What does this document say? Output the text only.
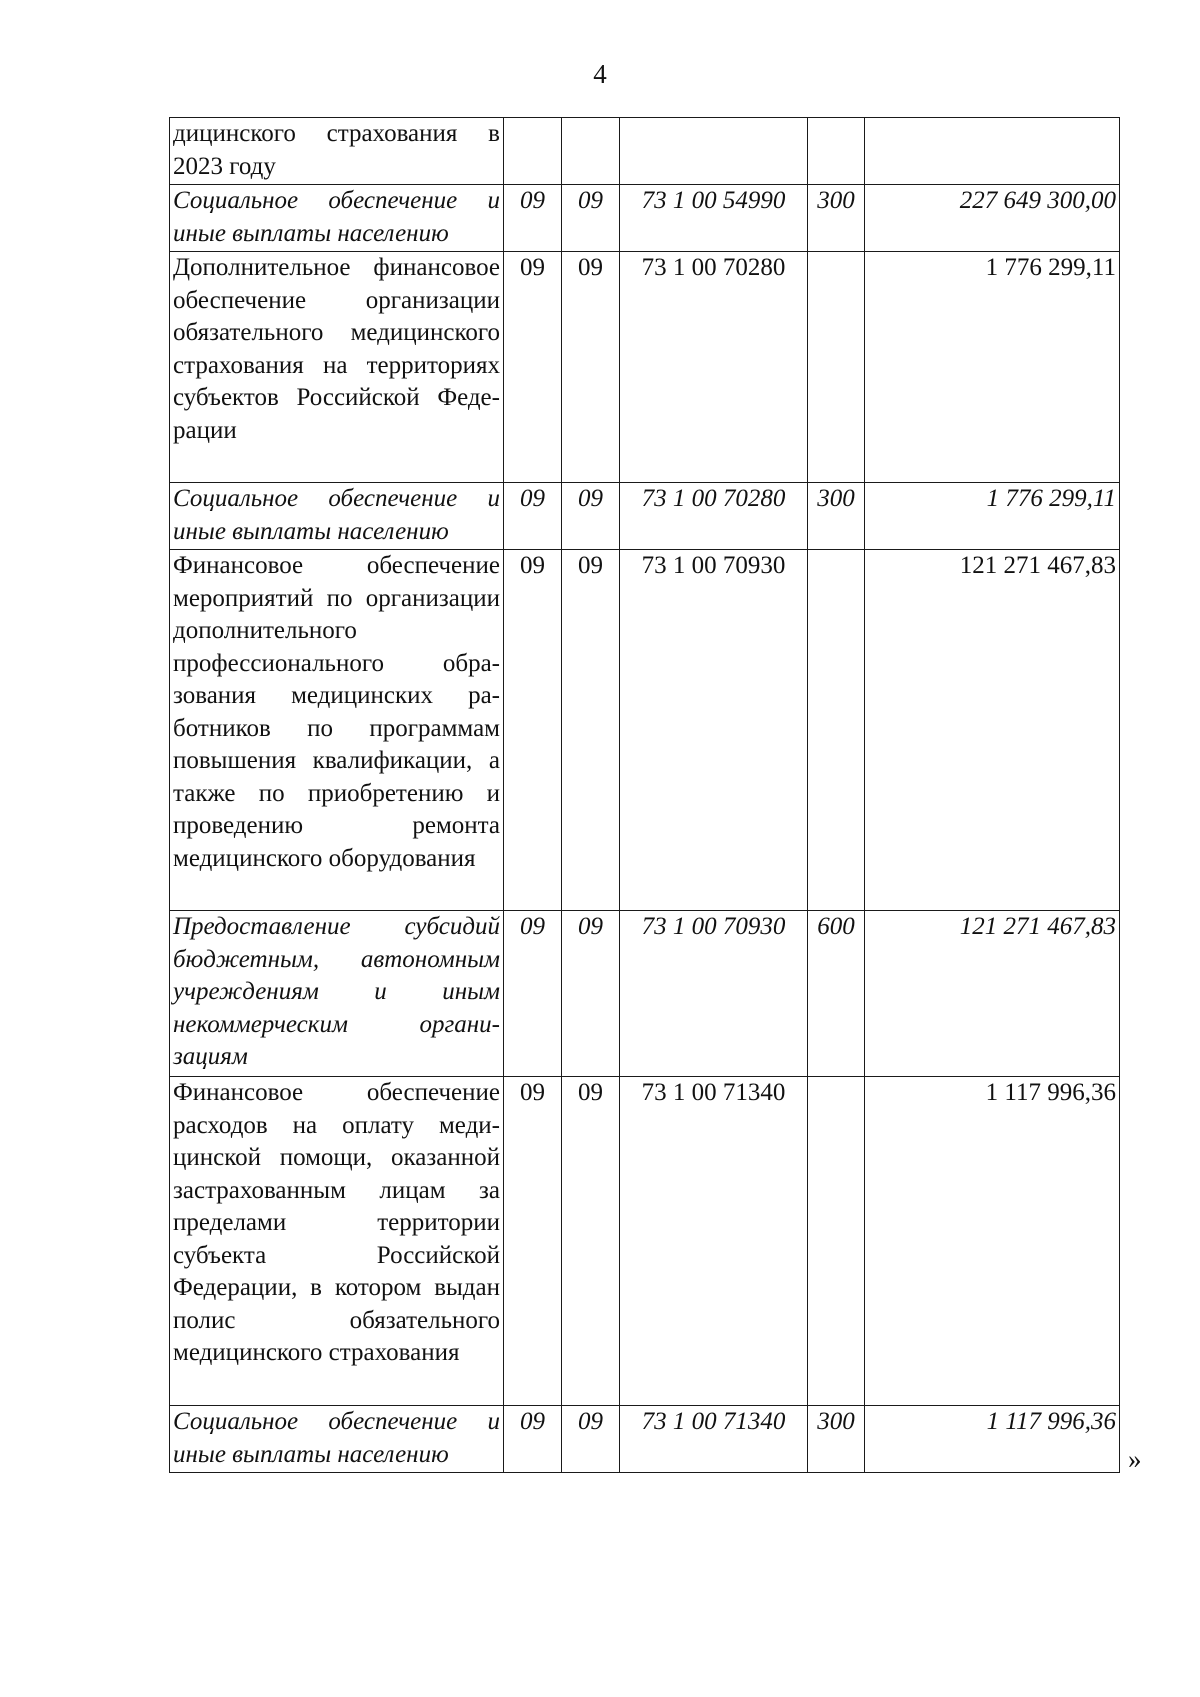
4
дицинского страхования в 2023 году					
Социальное обеспечение и иные выплаты населению	09	09	73 1 00 54990	300	227 649 300,00
Дополнительное финансовое обеспечение организации обязательного медицинского страхования на территориях субъектов Российской Федерации	09	09	73 1 00 70280		1 776 299,11
Социальное обеспечение и иные выплаты населению	09	09	73 1 00 70280	300	1 776 299,11
Финансовое обеспечение мероприятий по организации дополнительного профессионального образования медицинских работников по программам повышения квалификации, а также по приобретению и проведению ремонта медицинского оборудования	09	09	73 1 00 70930		121 271 467,83
Предоставление субсидий бюджетным, автономным учреждениям и иным некоммерческим организациям	09	09	73 1 00 70930	600	121 271 467,83
Финансовое обеспечение расходов на оплату медицинской помощи, оказанной застрахованным лицам за пределами территории субъекта Российской Федерации, в котором выдан полис обязательного медицинского страхования	09	09	73 1 00 71340		1 117 996,36
Социальное обеспечение и иные выплаты населению	09	09	73 1 00 71340	300	1 117 996,36
»
